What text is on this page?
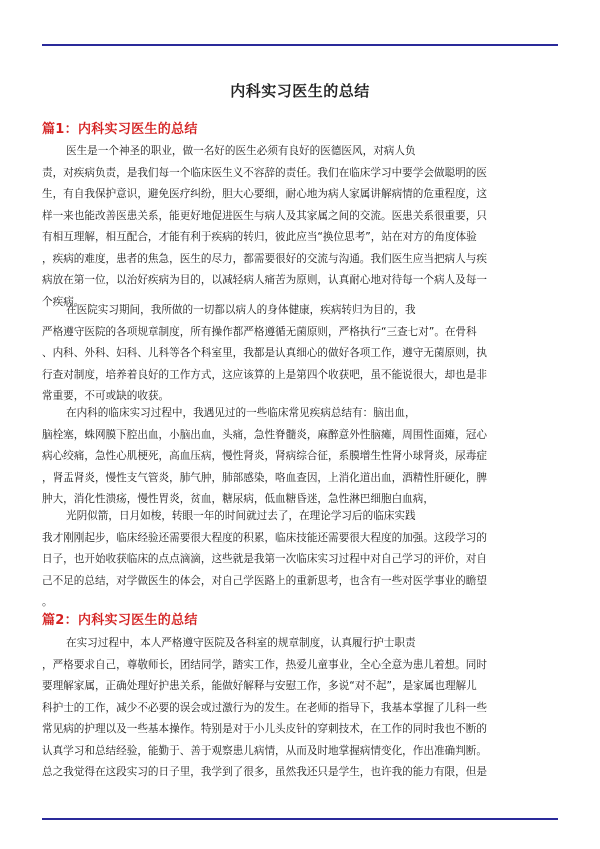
内科实习医生的总结
篇1：内科实习医生的总结
医生是一个神圣的职业，做一名好的医生必须有良好的医德医风，对病人负
责，对疾病负责，是我们每一个临床医生义不容辞的责任。我们在临床学习中要学会做聪明的医
生，有自我保护意识，避免医疗纠纷，胆大心要细，耐心地为病人家属讲解病情的危重程度，这
样一来也能改善医患关系，能更好地促进医生与病人及其家属之间的交流。医患关系很重要，只
有相互理解，相互配合，才能有利于疾病的转归，彼此应当“换位思考”，站在对方的角度体验
，疾病的难度，患者的焦急，医生的尽力，都需要很好的交流与沟通。我们医生应当把病人与疾
病放在第一位，以治好疾病为目的，以减轻病人痛苦为原则，认真耐心地对待每一个病人及每一
个疾病。
在医院实习期间，我所做的一切都以病人的身体健康，疾病转归为目的，我
严格遵守医院的各项规章制度，所有操作都严格遵循无菌原则，严格执行“三查七对”。在骨科
、内科、外科、妇科、儿科等各个科室里，我都是认真细心的做好各项工作，遵守无菌原则，执
行查对制度，培养着良好的工作方式，这应该算的上是第四个收获吧，虽不能说很大，却也是非
常重要，不可或缺的收获。
在内科的临床实习过程中，我遇见过的一些临床常见疾病总结有：脑出血，
脑栓塞，蛛网膜下腔出血，小脑出血，头痛，急性脊髓炎，麻醉意外性脑瘫，周围性面瘫，冠心
病心绞痛，急性心肌梗死，高血压病，慢性肾炎，肾病综合征，系膜增生性肾小球肾炎，尿毒症
，肾盂肾炎，慢性支气管炎，肺气肿，肺部感染，咯血查因，上消化道出血，酒精性肝硬化，脾
肿大，消化性溃疡，慢性胃炎，贫血，糖尿病，低血糖昏迷，急性淋巴细胞白血病，
光阴似箭，日月如梭，转眼一年的时间就过去了，在理论学习后的临床实践
我才刚刚起步，临床经验还需要很大程度的积累，临床技能还需要很大程度的加强。这段学习的
日子，也开始收获临床的点点滴滴，这些就是我第一次临床实习过程中对自己学习的评价，对自
己不足的总结，对学做医生的体会，对自己学医路上的重新思考，也含有一些对医学事业的瞻望
。
篇2：内科实习医生的总结
在实习过程中，本人严格遵守医院及各科室的规章制度，认真履行护士职责
，严格要求自己，尊敬师长，团结同学，踏实工作，热爱儿童事业，全心全意为患儿着想。同时
要理解家属，正确处理好护患关系，能做好解释与安慰工作，多说“对不起”，是家属也理解儿
科护士的工作，减少不必要的误会或过激行为的发生。在老师的指导下，我基本掌握了儿科一些
常见病的护理以及一些基本操作。特别是对于小儿头皮针的穿刺技术，在工作的同时我也不断的
认真学习和总结经验，能勤于、善于观察患儿病情，从而及时地掌握病情变化，作出准确判断。
总之我觉得在这段实习的日子里，我学到了很多，虽然我还只是学生，也许我的能力有限，但是
